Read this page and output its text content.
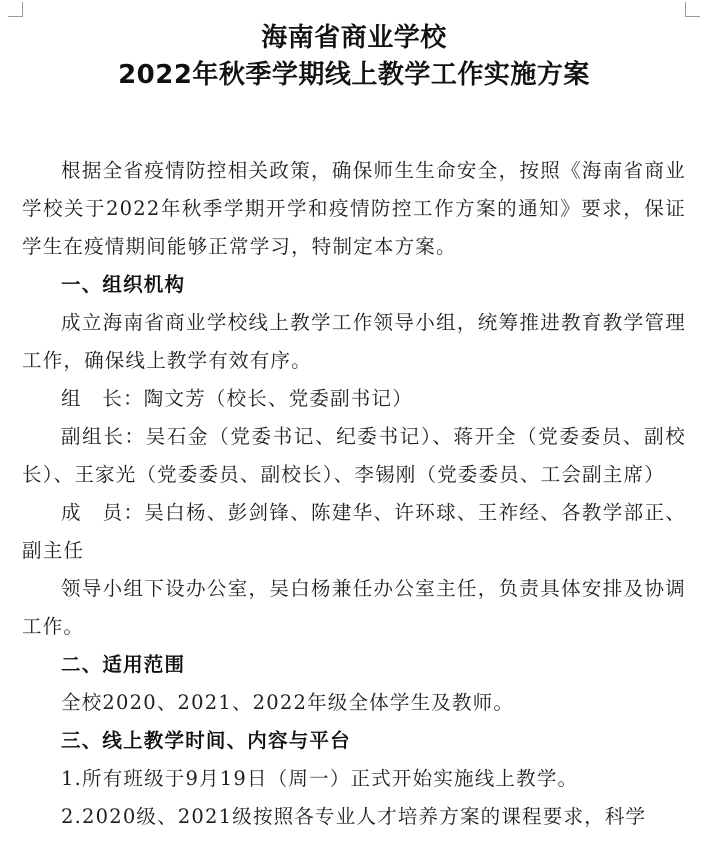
海南省商业学校
2022年秋季学期线上教学工作实施方案

根据全省疫情防控相关政策，确保师生生命安全，按照《海南省商业学校关于2022年秋季学期开学和疫情防控工作方案的通知》要求，保证学生在疫情期间能够正常学习，特制定本方案。

一、组织机构

成立海南省商业学校线上教学工作领导小组，统筹推进教育教学管理工作，确保线上教学有效有序。

组　长：陶文芳（校长、党委副书记）

副组长：吴石金（党委书记、纪委书记）、蒋开全（党委委员、副校长）、王家光（党委委员、副校长）、李锡刚（党委委员、工会副主席）

成　员：吴白杨、彭剑锋、陈建华、许环球、王祚经、各教学部正、副主任

领导小组下设办公室，吴白杨兼任办公室主任，负责具体安排及协调工作。

二、适用范围

全校2020、2021、2022年级全体学生及教师。

三、线上教学时间、内容与平台

1.所有班级于9月19日（周一）正式开始实施线上教学。

2.2020级、2021级按照各专业人才培养方案的课程要求，科学
